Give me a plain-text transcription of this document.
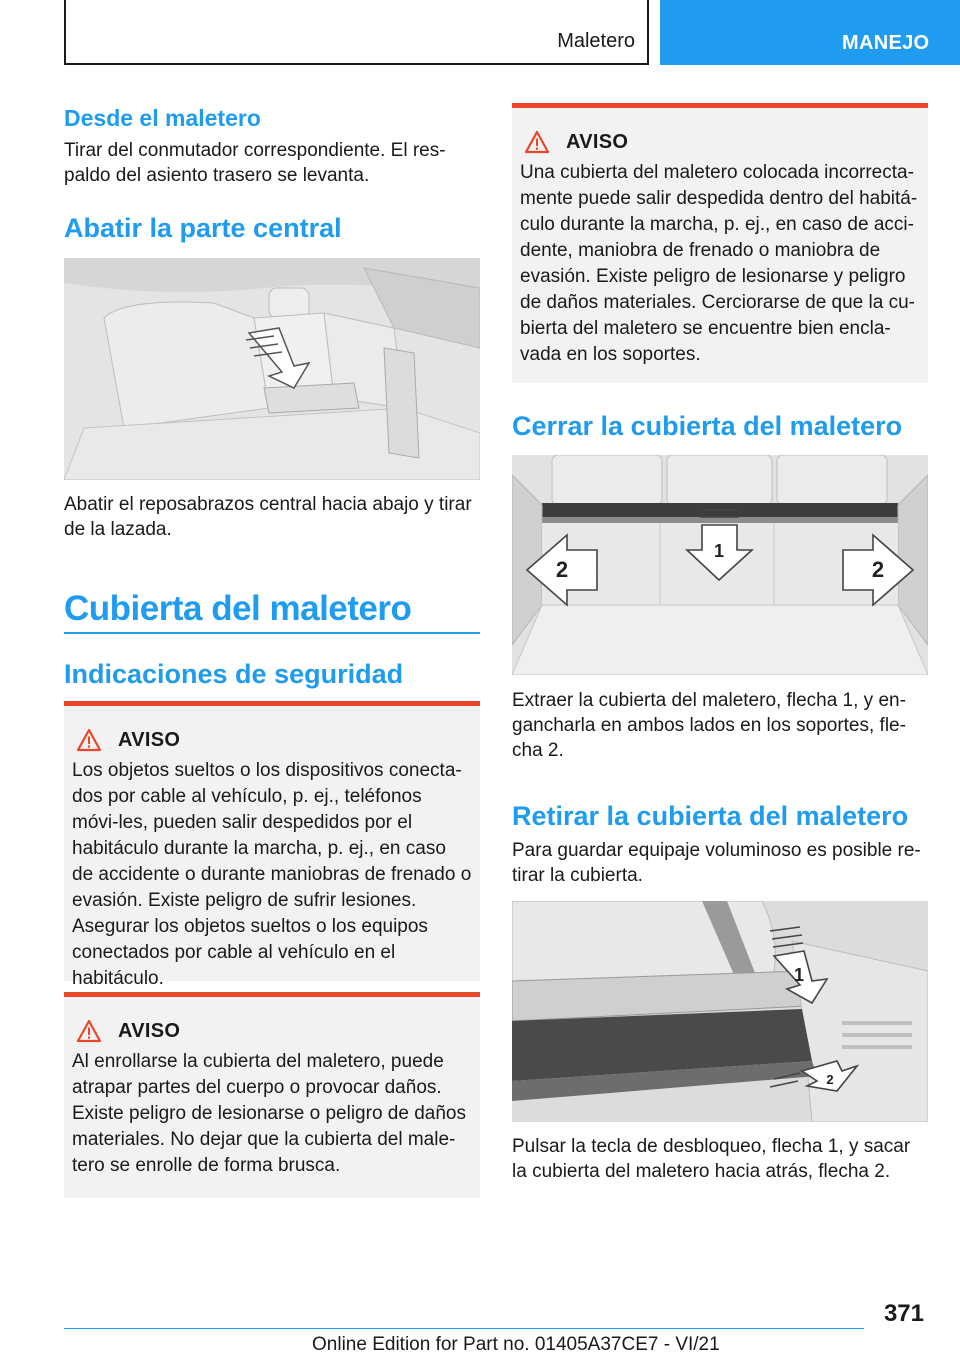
Maletero	MANEJO
Desde el maletero
Tirar del conmutador correspondiente. El res-paldo del asiento trasero se levanta.
Abatir la parte central
Abatir el reposabrazos central hacia abajo y tirar de la lazada.
Cubierta del maletero
Indicaciones de seguridad
AVISO
Los objetos sueltos o los dispositivos conecta-dos por cable al vehículo, p. ej., teléfonos móvi-les, pueden salir despedidos por el habitáculo durante la marcha, p. ej., en caso de accidente o durante maniobras de frenado o evasión. Existe peligro de sufrir lesiones. Asegurar los objetos sueltos o los equipos conectados por cable al vehículo en el habitáculo.
AVISO
Al enrollarse la cubierta del maletero, puede atrapar partes del cuerpo o provocar daños. Existe peligro de lesionarse o peligro de daños materiales. No dejar que la cubierta del male-tero se enrolle de forma brusca.
AVISO
Una cubierta del maletero colocada incorrecta-mente puede salir despedida dentro del habitá-culo durante la marcha, p. ej., en caso de acci-dente, maniobra de frenado o maniobra de evasión. Existe peligro de lesionarse y peligro de daños materiales. Cerciorarse de que la cu-bierta del maletero se encuentre bien encla-vada en los soportes.
Cerrar la cubierta del maletero
1
2	2
Extraer la cubierta del maletero, flecha 1, y en-gancharla en ambos lados en los soportes, fle-cha 2.
Retirar la cubierta del maletero
Para guardar equipaje voluminoso es posible re-tirar la cubierta.
1
2
Pulsar la tecla de desbloqueo, flecha 1, y sacar la cubierta del maletero hacia atrás, flecha 2.
371
Online Edition for Part no. 01405A37CE7 - VI/21
